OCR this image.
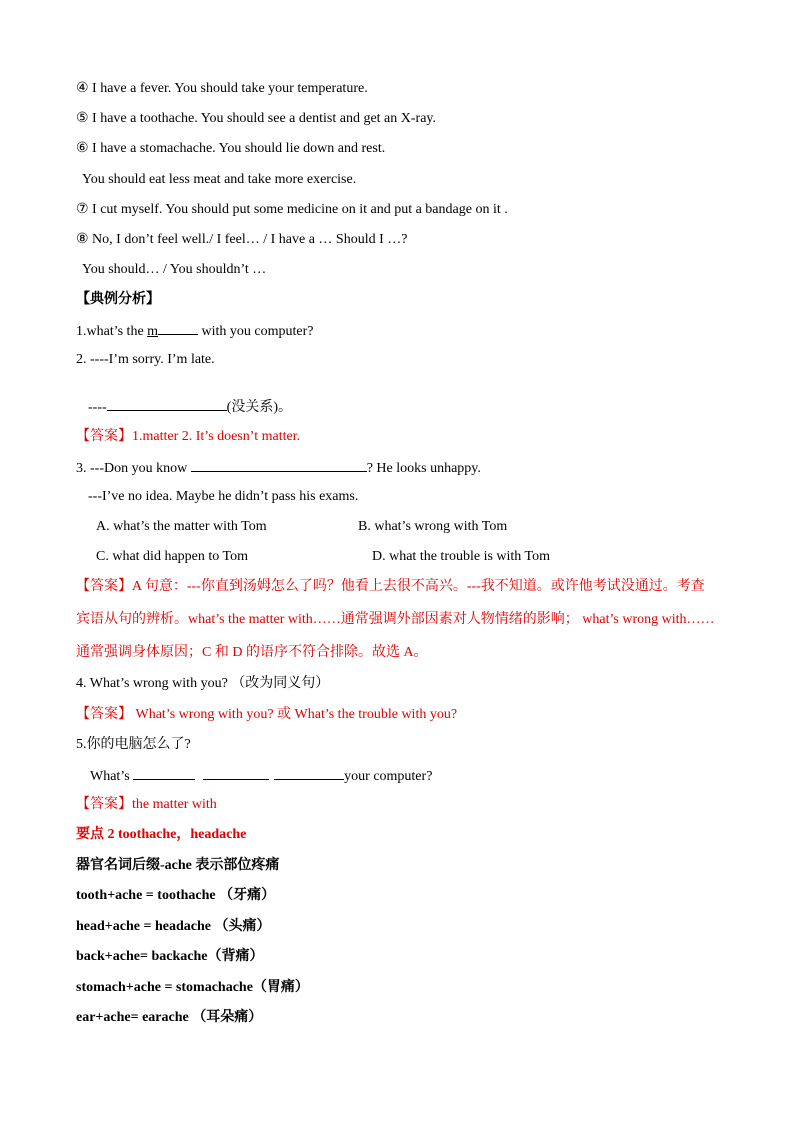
④ I have a fever. You should take your temperature.
⑤ I have a toothache. You should see a dentist and get an X-ray.
⑥ I have a stomachache. You should lie down and rest.
You should eat less meat and take more exercise.
⑦ I cut myself. You should put some medicine on it and put a bandage on it .
⑧ No, I don’t feel well./ I feel… / I have a … Should I …?
You should… / You shouldn’t …
【典例分析】
1.what’s the m	with you computer?
2. ----I’m sorry. I’m late.
----	(没关系)。
【答案】1.matter 2. It’s doesn’t matter.
3. ---Don you know	? He looks unhappy.
---I’ve no idea. Maybe he didn’t pass his exams.
A. what’s the matter with Tom	B. what’s wrong with Tom
C. what did happen to Tom	D. what the trouble is with Tom
【答案】A 句意：---你直到汤姆怎么了吗？他看上去很不高兴。---我不知道。或许他考试没通过。考查
宾语从句的辨析。what’s the matter with……通常强调外部因素对人物情绪的影响； what’s wrong with……
通常强调身体原因；C 和 D 的语序不符合排除。故选 A。
4. What’s wrong with you? （改为同义句）
【答案】 What’s wrong with you? 或 What’s the trouble with you?
5.你的电脑怎么了?
What’s	your computer?
【答案】the matter with
要点 2 toothache，headache
器官名词后缀-ache 表示部位疼痛
tooth+ache = toothache （牙痛）
head+ache = headache （头痛）
back+ache= backache（背痛）
stomach+ache = stomachache（胃痛）
ear+ache= earache （耳朵痛）
